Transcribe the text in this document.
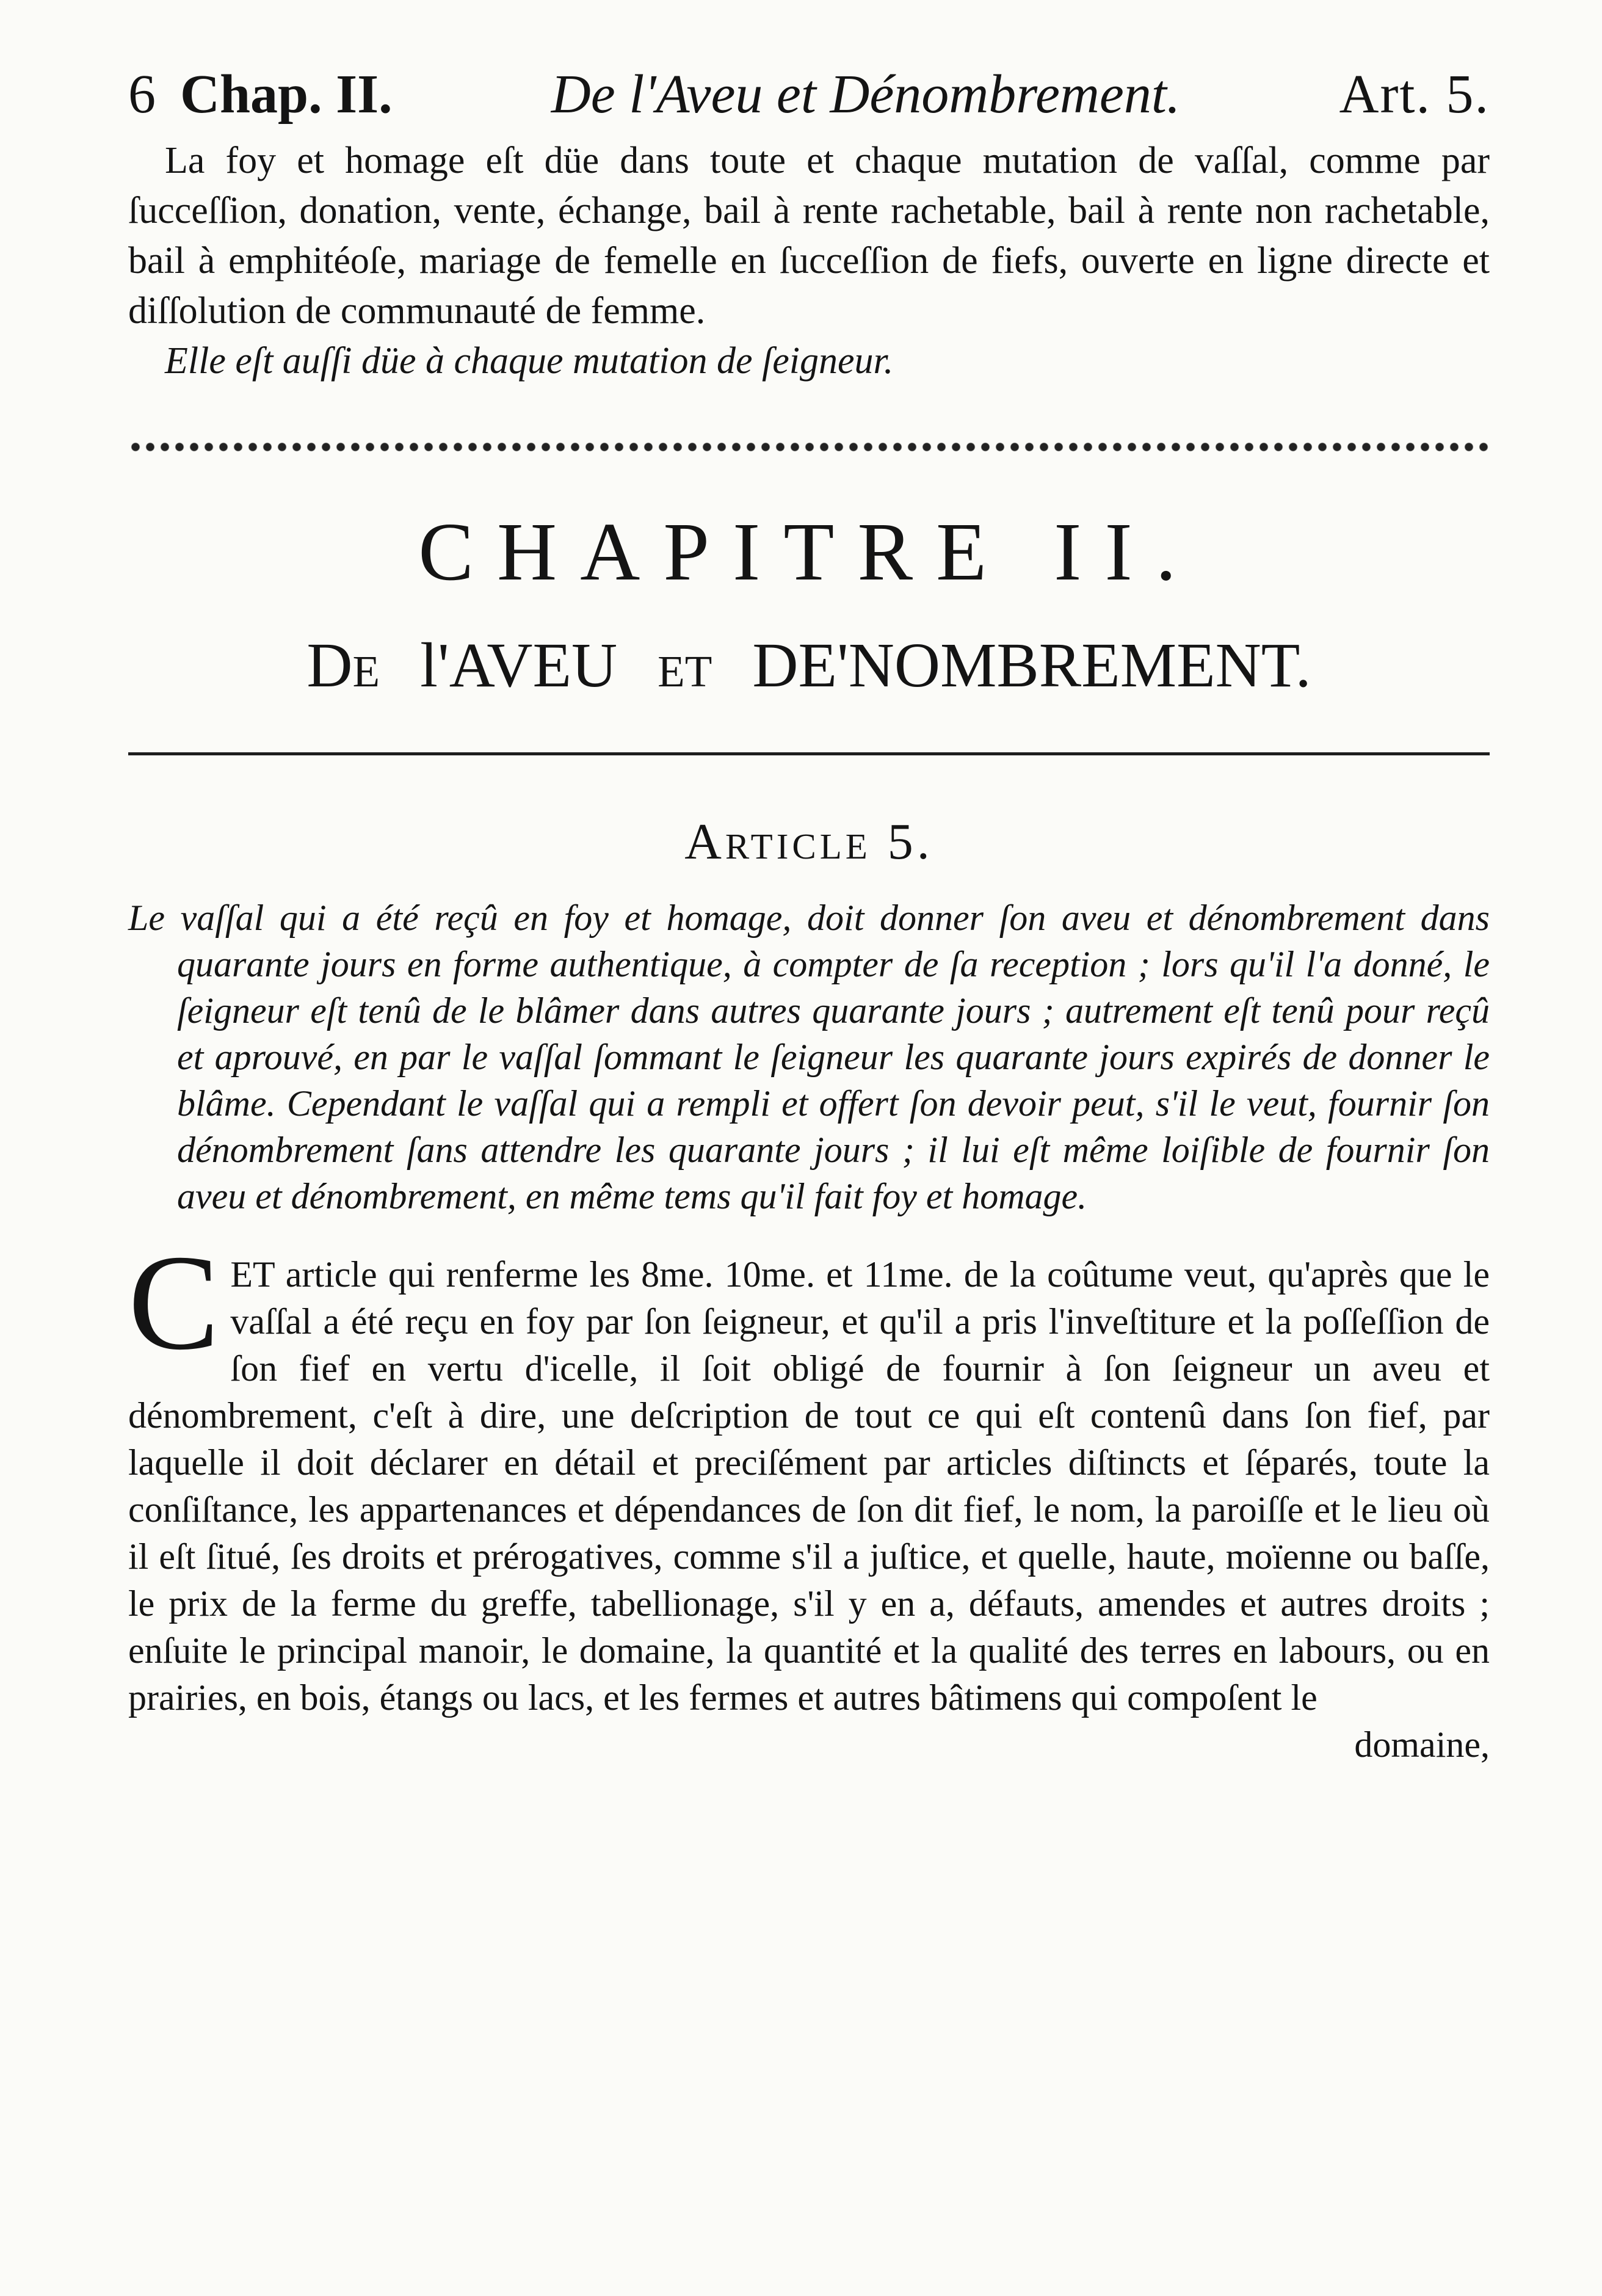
6 Chap. II.	De l'Aveu et Dénombrement.	Art. 5.

La foy et homage eſt düe dans toute et chaque mutation de vaſſal, comme par ſucceſſion, donation, vente, échange, bail à rente rachetable, bail à rente non rachetable, bail à emphitéoſe, mariage de femelle en ſucceſſion de fiefs, ouverte en ligne directe et diſſolution de communauté de femme.

Elle eſt auſſi düe à chaque mutation de ſeigneur.

CHAPITRE II.
De l'AVEU et DE'NOMBREMENT.
Article 5.

Le vaſſal qui a été reçû en foy et homage, doit donner ſon aveu et dénombrement dans quarante jours en forme authentique, à compter de ſa reception ; lors qu'il l'a donné, le ſeigneur eſt tenû de le blâmer dans autres quarante jours ; autrement eſt tenû pour reçû et aprouvé, en par le vaſſal ſommant le ſeigneur les quarante jours expirés de donner le blâme. Cependant le vaſſal qui a rempli et offert ſon devoir peut, s'il le veut, fournir ſon dénombrement ſans attendre les quarante jours ; il lui eſt même loiſible de fournir ſon aveu et dénombrement, en même tems qu'il fait foy et homage.

C ET article qui renferme les 8me. 10me. et 11me. de la coûtume veut, qu'après que le vaſſal a été reçu en foy par ſon ſeigneur, et qu'il a pris l'inveſtiture et la poſſeſſion de ſon fief en vertu d'icelle, il ſoit obligé de fournir à ſon ſeigneur un aveu et dénombrement, c'eſt à dire, une deſcription de tout ce qui eſt contenû dans ſon fief, par laquelle il doit déclarer en détail et preciſément par articles diſtincts et ſéparés, toute la conſiſtance, les appartenances et dépendances de ſon dit fief, le nom, la paroiſſe et le lieu où il eſt ſitué, ſes droits et prérogatives, comme s'il a juſtice, et quelle, haute, moïenne ou baſſe, le prix de la ferme du greffe, tabellionage, s'il y en a, défauts, amendes et autres droits ; enſuite le principal manoir, le domaine, la quantité et la qualité des terres en labours, ou en prairies, en bois, étangs ou lacs, et les fermes et autres bâtimens qui compoſent le

domaine,
